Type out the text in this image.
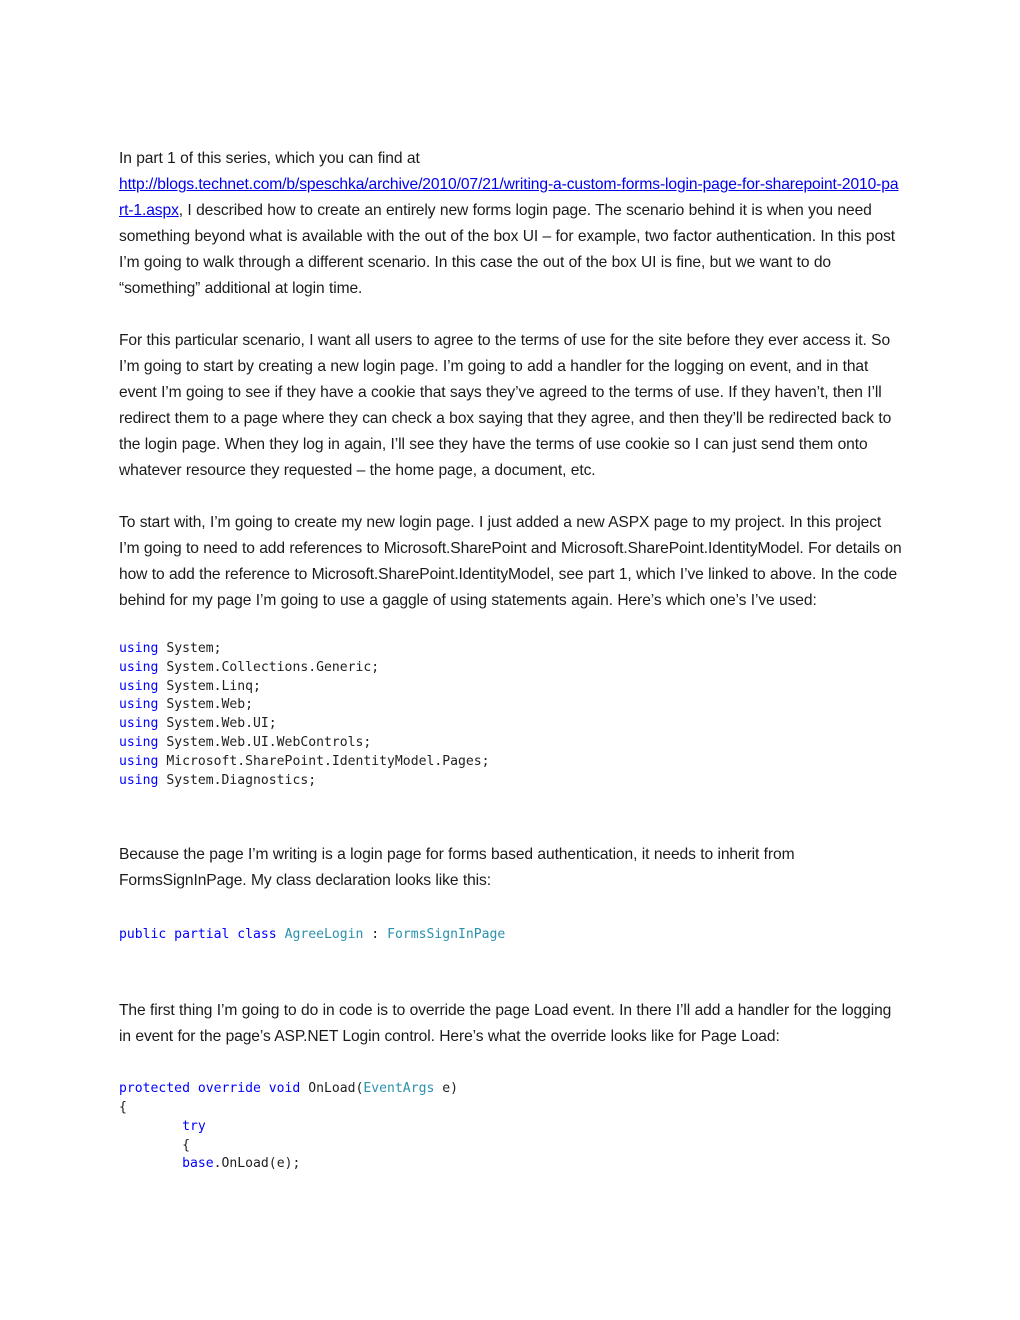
In part 1 of this series, which you can find at
http://blogs.technet.com/b/speschka/archive/2010/07/21/writing-a-custom-forms-login-page-for-sharepoint-2010-part-1.aspx, I described how to create an entirely new forms login page. The scenario behind it is when you need something beyond what is available with the out of the box UI – for example, two factor authentication. In this post I’m going to walk through a different scenario. In this case the out of the box UI is fine, but we want to do “something” additional at login time.

For this particular scenario, I want all users to agree to the terms of use for the site before they ever access it. So I’m going to start by creating a new login page. I’m going to add a handler for the logging on event, and in that event I’m going to see if they have a cookie that says they’ve agreed to the terms of use. If they haven’t, then I’ll redirect them to a page where they can check a box saying that they agree, and then they’ll be redirected back to the login page. When they log in again, I’ll see they have the terms of use cookie so I can just send them onto whatever resource they requested – the home page, a document, etc.

To start with, I’m going to create my new login page. I just added a new ASPX page to my project. In this project I’m going to need to add references to Microsoft.SharePoint and Microsoft.SharePoint.IdentityModel. For details on how to add the reference to Microsoft.SharePoint.IdentityModel, see part 1, which I’ve linked to above. In the code behind for my page I’m going to use a gaggle of using statements again. Here’s which one’s I’ve used:

using System;
using System.Collections.Generic;
using System.Linq;
using System.Web;
using System.Web.UI;
using System.Web.UI.WebControls;
using Microsoft.SharePoint.IdentityModel.Pages;
using System.Diagnostics;

Because the page I’m writing is a login page for forms based authentication, it needs to inherit from FormsSignInPage. My class declaration looks like this:

public partial class AgreeLogin : FormsSignInPage

The first thing I’m going to do in code is to override the page Load event. In there I’ll add a handler for the logging in event for the page’s ASP.NET Login control. Here’s what the override looks like for Page Load:

protected override void OnLoad(EventArgs e)
{
try
{
base.OnLoad(e);
